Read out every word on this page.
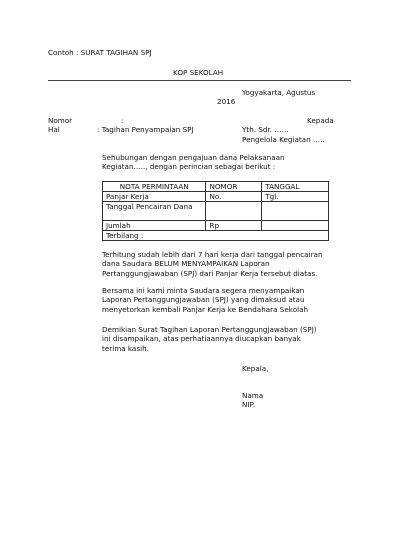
Contoh : SURAT TAGIHAN SPJ
KOP SEKOLAH
Yogyakarta, Agustus
2016
Nomor	:
Hal	: Tagihan Penyampaian SPJ
Kepada
Yth. Sdr. ……
Pengelola Kegiatan …..
Sehubungan dengan pengajuan dana Pelaksanaan
Kegiatan….., dengan perincian sebagai berikut :
NOTA PERMINTAAN	NOMOR	TANGGAL
Panjar Kerja	No.	Tgl.
Tanggal Pencairan Dana		
Jumlah	Rp	
Terbilang :		
Terhitung sudah lebih dari 7 hari kerja dari tanggal pencairan
dana Saudara BELUM MENYAMPAIKAN Laporan
Pertanggungjawaban (SPJ) dari Panjar Kerja tersebut diatas.
Bersama ini kami minta Saudara segera menyampaikan
Laporan Pertanggungjawaban (SPJ) yang dimaksud atau
menyetorkan kembali Panjar Kerja ke Bendahara Sekolah
Demikian Surat Tagihan Laporan Pertanggungjawaban (SPJ)
ini disampaikan, atas perhatiaannya diucapkan banyak
terima kasih.
Kepala,
Nama
NIP.
